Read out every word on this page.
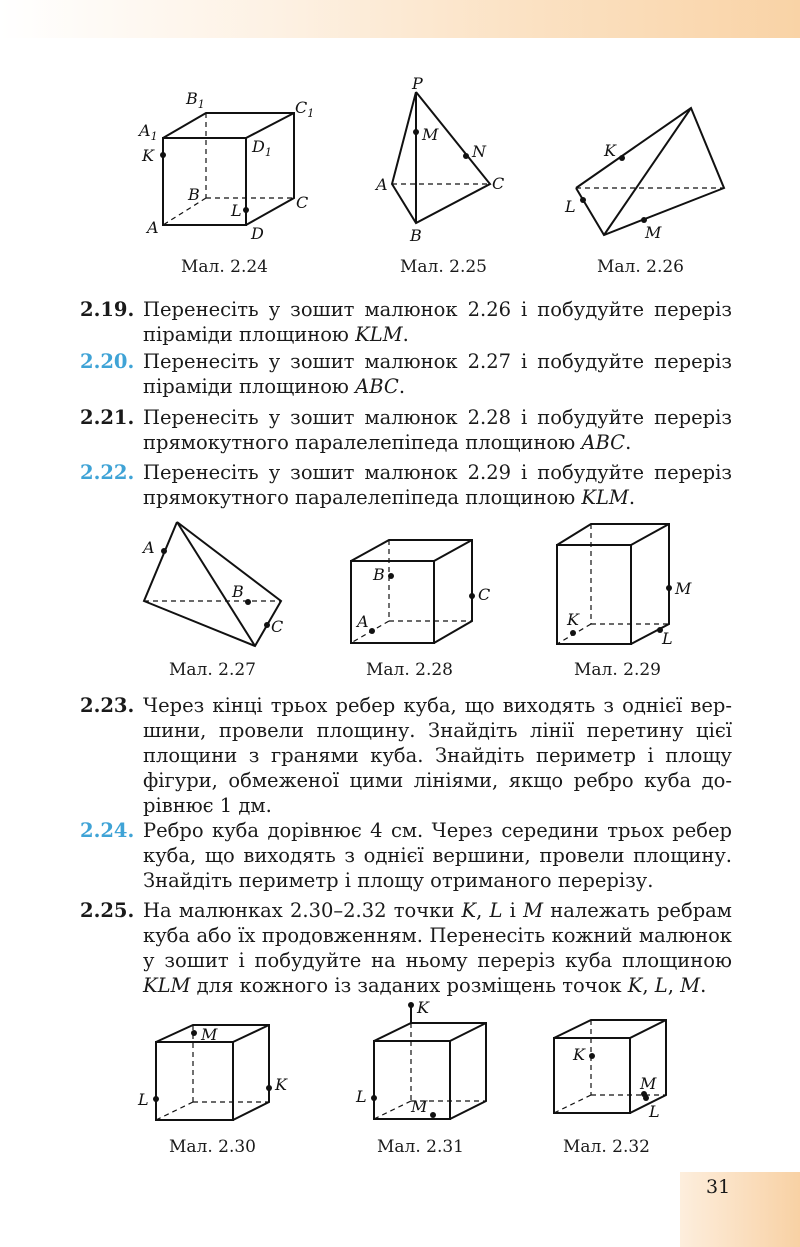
$A_1$
$B_1$	$C_1$
$D_1$
K
B	C
A
L
D
Мал. 2.24
P
M
N
A	C
B
Мал. 2.25
K
L
M
Мал. 2.26
2.19. Перенесіть у зошит малюнок 2.26 і побудуйте переріз
піраміди площиною KLM.
2.20. Перенесіть у зошит малюнок 2.27 і побудуйте переріз
піраміди площиною ABC.
2.21. Перенесіть у зошит малюнок 2.28 і побудуйте переріз
прямокутного паралелепіпеда площиною ABC.
2.22. Перенесіть у зошит малюнок 2.29 і побудуйте переріз
прямокутного паралелепіпеда площиною KLM.
A
B
C
Мал. 2.27
B
C
A
Мал. 2.28
M
K
L
Мал. 2.29
2.23. Через кінці трьох ребер куба, що виходять з однієї вер-
шини, провели площину. Знайдіть лінії перетину цієї
площини з гранями куба. Знайдіть периметр і площу
фігури, обмеженої цими лініями, якщо ребро куба до-
рівнює 1 дм.
2.24. Ребро куба дорівнює 4 см. Через середини трьох ребер
куба, що виходять з однієї вершини, провели площину.
Знайдіть периметр і площу отриманого перерізу.
2.25. На малюнках 2.30–2.32 точки K, L і M належать ребрам
куба або їх продовженням. Перенесіть кожний малюнок
у зошит і побудуйте на ньому переріз куба площиною
KLM для кожного із заданих розміщень точок K, L, M.
M
K
L
Мал. 2.30
K
L
M
Мал. 2.31
K
M
L
Мал. 2.32
31
